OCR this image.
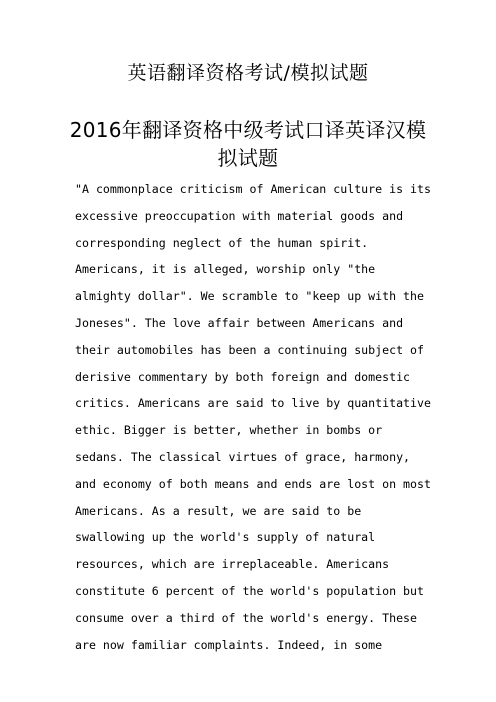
英语翻译资格考试/模拟试题
2016年翻译资格中级考试口译英译汉模拟试题
"A commonplace criticism of American culture is its
excessive preoccupation with material goods and
corresponding neglect of the human spirit.
Americans, it is alleged, worship only "the
almighty dollar". We scramble to "keep up with the
Joneses". The love affair between Americans and
their automobiles has been a continuing subject of
derisive commentary by both foreign and domestic
critics. Americans are said to live by quantitative
ethic. Bigger is better, whether in bombs or
sedans. The classical virtues of grace, harmony,
and economy of both means and ends are lost on most
Americans. As a result, we are said to be
swallowing up the world's supply of natural
resources, which are irreplaceable. Americans
constitute 6 percent of the world's population but
consume over a third of the world's energy. These
are now familiar complaints. Indeed, in some
